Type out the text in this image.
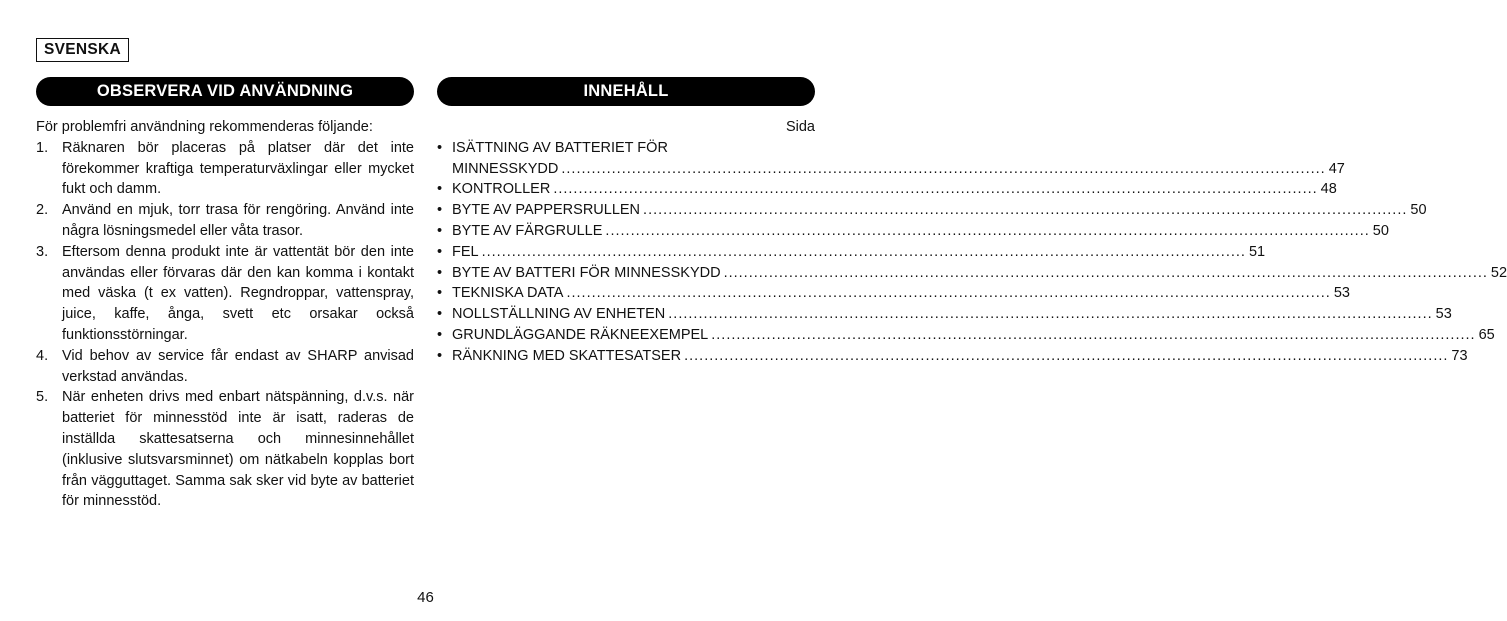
SVENSKA
OBSERVERA VID ANVÄNDNING	INNEHÅLL

För problemfri användning rekommenderas följande:

1. Räknaren bör placeras på platser där det inte förekommer kraftiga temperaturväxlingar eller mycket fukt och damm.
2. Använd en mjuk, torr trasa för rengöring. Använd inte några lösningsmedel eller våta trasor.
3. Eftersom denna produkt inte är vattentät bör den inte användas eller förvaras där den kan komma i kontakt med väska (t ex vatten). Regndroppar, vattenspray, juice, kaffe, ånga, svett etc orsakar också funktionsstörningar.
4. Vid behov av service får endast av SHARP anvisad verkstad användas.
5. När enheten drivs med enbart nätspänning, d.v.s. när batteriet för minnesstöd inte är isatt, raderas de inställda skattesatserna och minnesinnehållet (inklusive slutsvarsminnet) om nätkabeln kopplas bort från vägguttaget. Samma sak sker vid byte av batteriet för minnesstöd.
Sida
• ISÄTTNING AV BATTERIET FÖR
MINNESSKYDD .....	47
• KONTROLLER .....	48
• BYTE AV PAPPERSRULLEN .....	50
• BYTE AV FÄRGRULLE .....	50
• FEL .....	51
• BYTE AV BATTERI FÖR MINNESSKYDD .....	52
• TEKNISKA DATA .....	53
• NOLLSTÄLLNING AV ENHETEN .....	53
• GRUNDLÄGGANDE RÄKNEEXEMPEL .....	65
• RÄNKNING MED SKATTESATSER .....	73
46
